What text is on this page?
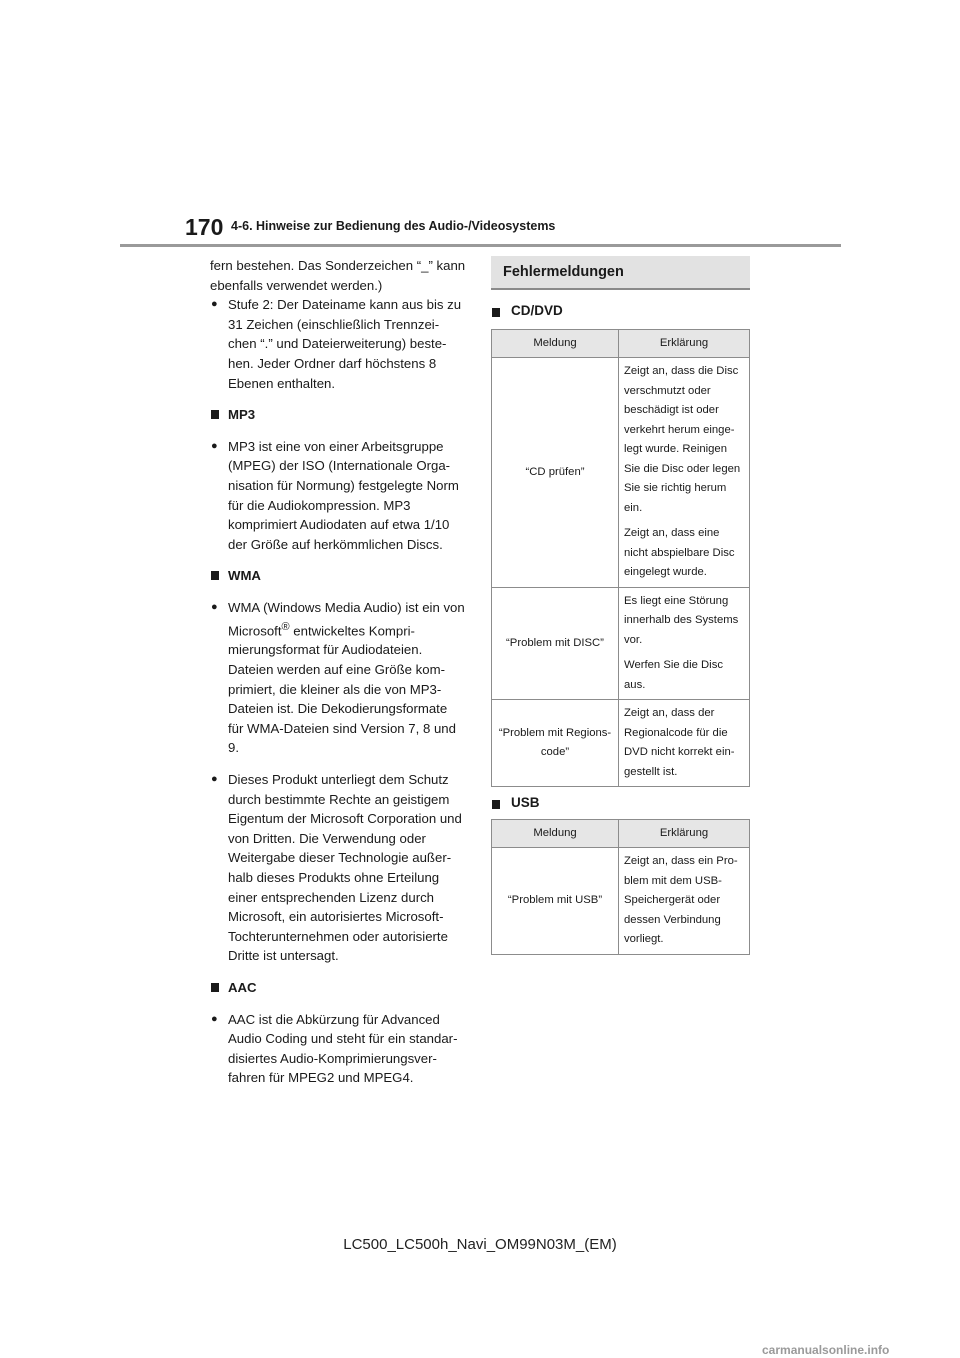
170 4-6. Hinweise zur Bedienung des Audio-/Videosystems

fern bestehen. Das Sonderzeichen “_” kann ebenfalls verwendet werden.)

● Stufe 2: Der Dateiname kann aus bis zu 31 Zeichen (einschließlich Trennzei-chen “.” und Dateierweiterung) beste-hen. Jeder Ordner darf höchstens 8 Ebenen enthalten.

MP3
● MP3 ist eine von einer Arbeitsgruppe (MPEG) der ISO (Internationale Orga-nisation für Normung) festgelegte Norm für die Audiokompression. MP3 komprimiert Audiodaten auf etwa 1/10 der Größe auf herkömmlichen Discs.

WMA
● WMA (Windows Media Audio) ist ein von Microsoft® entwickeltes Kompri-mierungsformat für Audiodateien. Dateien werden auf eine Größe kom-primiert, die kleiner als die von MP3-Dateien ist. Die Dekodierungsformate für WMA-Dateien sind Version 7, 8 und 9.

● Dieses Produkt unterliegt dem Schutz durch bestimmte Rechte an geistigem Eigentum der Microsoft Corporation und von Dritten. Die Verwendung oder Weitergabe dieser Technologie außer-halb dieses Produkts ohne Erteilung einer entsprechenden Lizenz durch Microsoft, ein autorisiertes Microsoft-Tochterunternehmen oder autorisierte Dritte ist untersagt.

AAC
● AAC ist die Abkürzung für Advanced Audio Coding und steht für ein standar-disiertes Audio-Komprimierungsver-fahren für MPEG2 und MPEG4.

Fehlermeldungen

CD/DVD

Meldung	Erklärung
“CD prüfen”	Zeigt an, dass die Disc verschmutzt oder beschädigt ist oder verkehrt herum einge-legt wurde. Reinigen Sie die Disc oder legen Sie sie richtig herum ein.

Zeigt an, dass eine nicht abspielbare Disc eingelegt wurde.

“Problem mit DISC”	Es liegt eine Störung innerhalb des Systems vor.

Werfen Sie die Disc aus.

“Problem mit Regions-code”	Zeigt an, dass der Regionalcode für die DVD nicht korrekt ein-gestellt ist.

USB

Meldung	Erklärung
“Problem mit USB”	Zeigt an, dass ein Pro-blem mit dem USB-Speichergerät oder dessen Verbindung vorliegt.

LC500_LC500h_Navi_OM99N03M_(EM)
carmanualsonline.info
